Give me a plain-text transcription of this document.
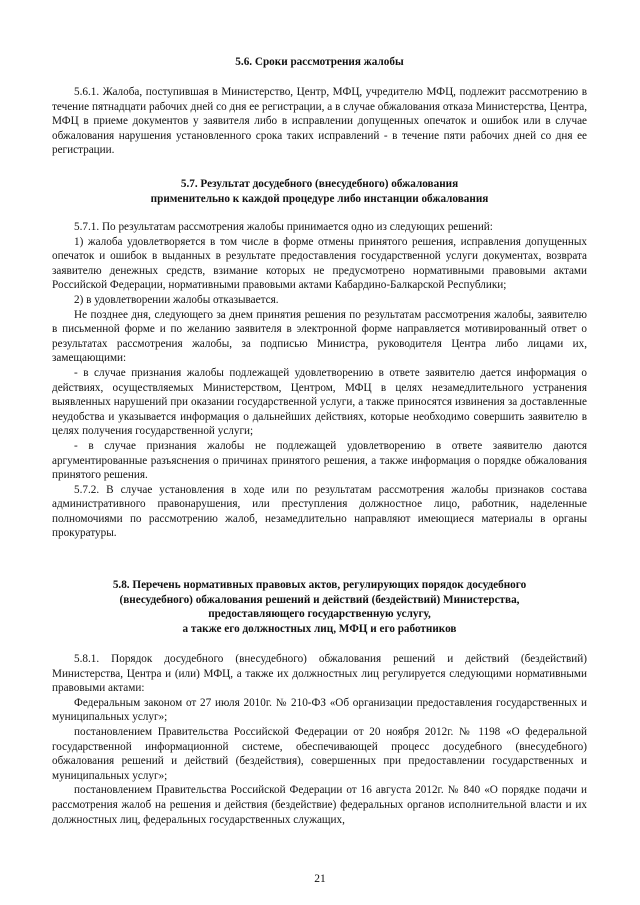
5.6. Сроки рассмотрения жалобы

5.6.1. Жалоба, поступившая в Министерство, Центр, МФЦ, учредителю МФЦ, подлежит рассмотрению в течение пятнадцати рабочих дней со дня ее регистрации, а в случае обжалования отказа Министерства, Центра, МФЦ в приеме документов у заявителя либо в исправлении допущенных опечаток и ошибок или в случае обжалования нарушения установленного срока таких исправлений - в течение пяти рабочих дней со дня ее регистрации.

5.7. Результат досудебного (внесудебного) обжалования
применительно к каждой процедуре либо инстанции обжалования

5.7.1. По результатам рассмотрения жалобы принимается одно из следующих решений:

1) жалоба удовлетворяется в том числе в форме отмены принятого решения, исправления допущенных опечаток и ошибок в выданных в результате предоставления государственной услуги документах, возврата заявителю денежных средств, взимание которых не предусмотрено нормативными правовыми актами Российской Федерации, нормативными правовыми актами Кабардино-Балкарской Республики;

2) в удовлетворении жалобы отказывается.

Не позднее дня, следующего за днем принятия решения по результатам рассмотрения жалобы, заявителю в письменной форме и по желанию заявителя в электронной форме направляется мотивированный ответ о результатах рассмотрения жалобы, за подписью Министра, руководителя Центра либо лицами их, замещающими:

- в случае признания жалобы подлежащей удовлетворению в ответе заявителю дается информация о действиях, осуществляемых Министерством, Центром, МФЦ в целях незамедлительного устранения выявленных нарушений при оказании государственной услуги, а также приносятся извинения за доставленные неудобства и указывается информация о дальнейших действиях, которые необходимо совершить заявителю в целях получения государственной услуги;

- в случае признания жалобы не подлежащей удовлетворению в ответе заявителю даются аргументированные разъяснения о причинах принятого решения, а также информация о порядке обжалования принятого решения.

5.7.2. В случае установления в ходе или по результатам рассмотрения жалобы признаков состава административного правонарушения, или преступления должностное лицо, работник, наделенные полномочиями по рассмотрению жалоб, незамедлительно направляют имеющиеся материалы в органы прокуратуры.

5.8. Перечень нормативных правовых актов, регулирующих порядок досудебного
(внесудебного) обжалования решений и действий (бездействий) Министерства,
предоставляющего государственную услугу,
а также его должностных лиц, МФЦ и его работников

5.8.1. Порядок досудебного (внесудебного) обжалования решений и действий (бездействий) Министерства, Центра и (или) МФЦ, а также их должностных лиц регулируется следующими нормативными правовыми актами:

Федеральным законом от 27 июля 2010г. № 210-ФЗ «Об организации предоставления государственных и муниципальных услуг»;

постановлением Правительства Российской Федерации от 20 ноября 2012г. № 1198 «О федеральной государственной информационной системе, обеспечивающей процесс досудебного (внесудебного) обжалования решений и действий (бездействия), совершенных при предоставлении государственных и муниципальных услуг»;

постановлением Правительства Российской Федерации от 16 августа 2012г. № 840 «О порядке подачи и рассмотрения жалоб на решения и действия (бездействие) федеральных органов исполнительной власти и их должностных лиц, федеральных государственных служащих,

21
